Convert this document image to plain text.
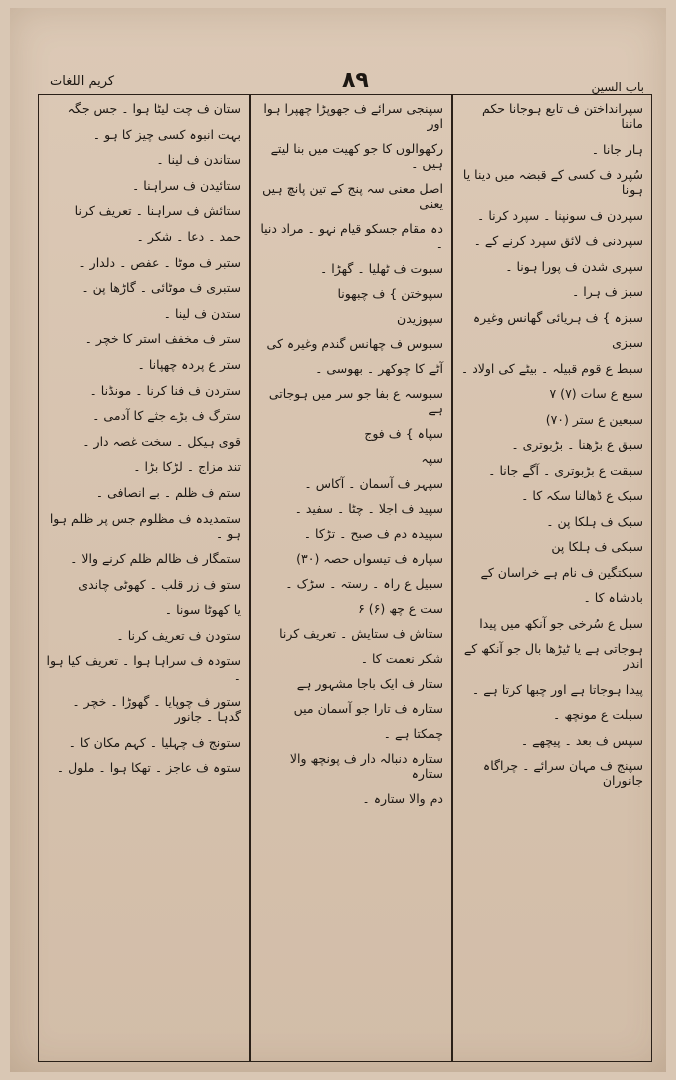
کریم اللغات	۸۹	باب السین
سپرانداختن ف تابع ہوجانا حکم ماننا
ہار جانا ۔
سُپرد ف کسی کے قبضہ میں دینا یا ہونا
سپردن ف سونپنا ۔ سپرد کرنا ۔
سپردنی ف لائق سپرد کرنے کے ۔
سپری شدن ف پورا ہونا ۔
سبز ف ہرا ۔
سبزہ } ف ہریائی گھانس وغیرہ
سبزی
سبط ع قوم قبیلہ ۔ بیٹے کی اولاد ۔
سبع ع سات (۷) ۷
سبعین ع ستر (۷۰)
سبق ع بڑھنا ۔ بڑبوتری ۔
سبقت ع بڑبوتری ۔ آگے جانا ۔
سبک ع ڈھالنا سکہ کا ۔
سبک ف ہلکا پن ۔
سبکی ف ہلکا پن
سبکتگین ف نام ہے خراسان کے
بادشاہ کا ۔
سبل ع سُرخی جو آنکھ میں پیدا
ہوجاتی ہے یا ٹیڑھا بال جو آنکھ کے اندر
پیدا ہوجاتا ہے اور چبھا کرتا ہے ۔
سبلت ع مونچھ ۔
سپس ف بعد ۔ پیچھے ۔
سپنج ف مہان سرائے ۔ چراگاہ جانوران
سپنجی سرائے ف جھوپڑا چھپرا ہوا اور
رکھوالوں کا جو کھیت میں بنا لیتے ہیں ۔
اصل معنی سہ پنج کے تین پانچ ہیں یعنی
دہ مقام جسکو قیام نہو ۔ مراد دنیا ۔
سبوت ف ٹھلیا ۔ گھڑا ۔
سپوختن } ف چبھونا
سپوزیدن
سبوس ف چھانس گندم وغیرہ کی
آٹے کا چوکھر ۔ بھوسی ۔
سبوسہ ع بفا جو سر میں ہوجاتی ہے
سپاہ } ف فوج
سپہ
سپہر ف آسمان ۔ آکاس ۔
سپید ف اجلا ۔ چٹا ۔ سفید ۔
سپیدہ دم ف صبح ۔ تڑکا ۔
سپارہ ف تیسواں حصہ (۳۰)
سبیل ع راہ ۔ رستہ ۔ سڑک ۔
ست ع چھ (۶) ۶
ستاش ف ستایش ۔ تعریف کرنا
شکر نعمت کا ۔
ستار ف ایک باجا مشہور ہے
ستارہ ف تارا جو آسمان میں
چمکتا ہے ۔
ستارہ دنبالہ دار ف پونچھ والا ستارہ
دم والا ستارہ ۔
ستان ف چت لیٹا ہوا ۔ جس جگہ
بہت انبوہ کسی چیز کا ہو ۔
ستاندن ف لینا ۔
ستائیدن ف سراہنا ۔
ستائش ف سراہنا ۔ تعریف کرنا
حمد ۔ دعا ۔ شکر ۔
ستبر ف موٹا ۔ عفص ۔ دلدار ۔
ستبری ف موٹائی ۔ گاڑھا پن ۔
ستدن ف لینا ۔
ستر ف مخفف استر کا خچر ۔
ستر ع پردہ چھپانا ۔
ستردن ف فنا کرنا ۔ مونڈنا ۔
سترگ ف بڑے جثے کا آدمی ۔
قوی ہیکل ۔ سخت غصہ دار ۔
تند مزاج ۔ لڑکا بڑا ۔
ستم ف ظلم ۔ بے انصافی ۔
ستمدیدہ ف مظلوم جس پر ظلم ہوا ہو ۔
ستمگار ف ظالم ظلم کرنے والا ۔
ستو ف زر قلب ۔ کھوٹی چاندی
یا کھوٹا سونا ۔
ستودن ف تعریف کرنا ۔
ستودہ ف سراہا ہوا ۔ تعریف کیا ہوا ۔
ستور ف چوپایا ۔ گھوڑا ۔ خچر ۔ گدہا ۔ جانور
ستونج ف چہلیا ۔ کہم مکان کا ۔
ستوہ ف عاجز ۔ تھکا ہوا ۔ ملول ۔
